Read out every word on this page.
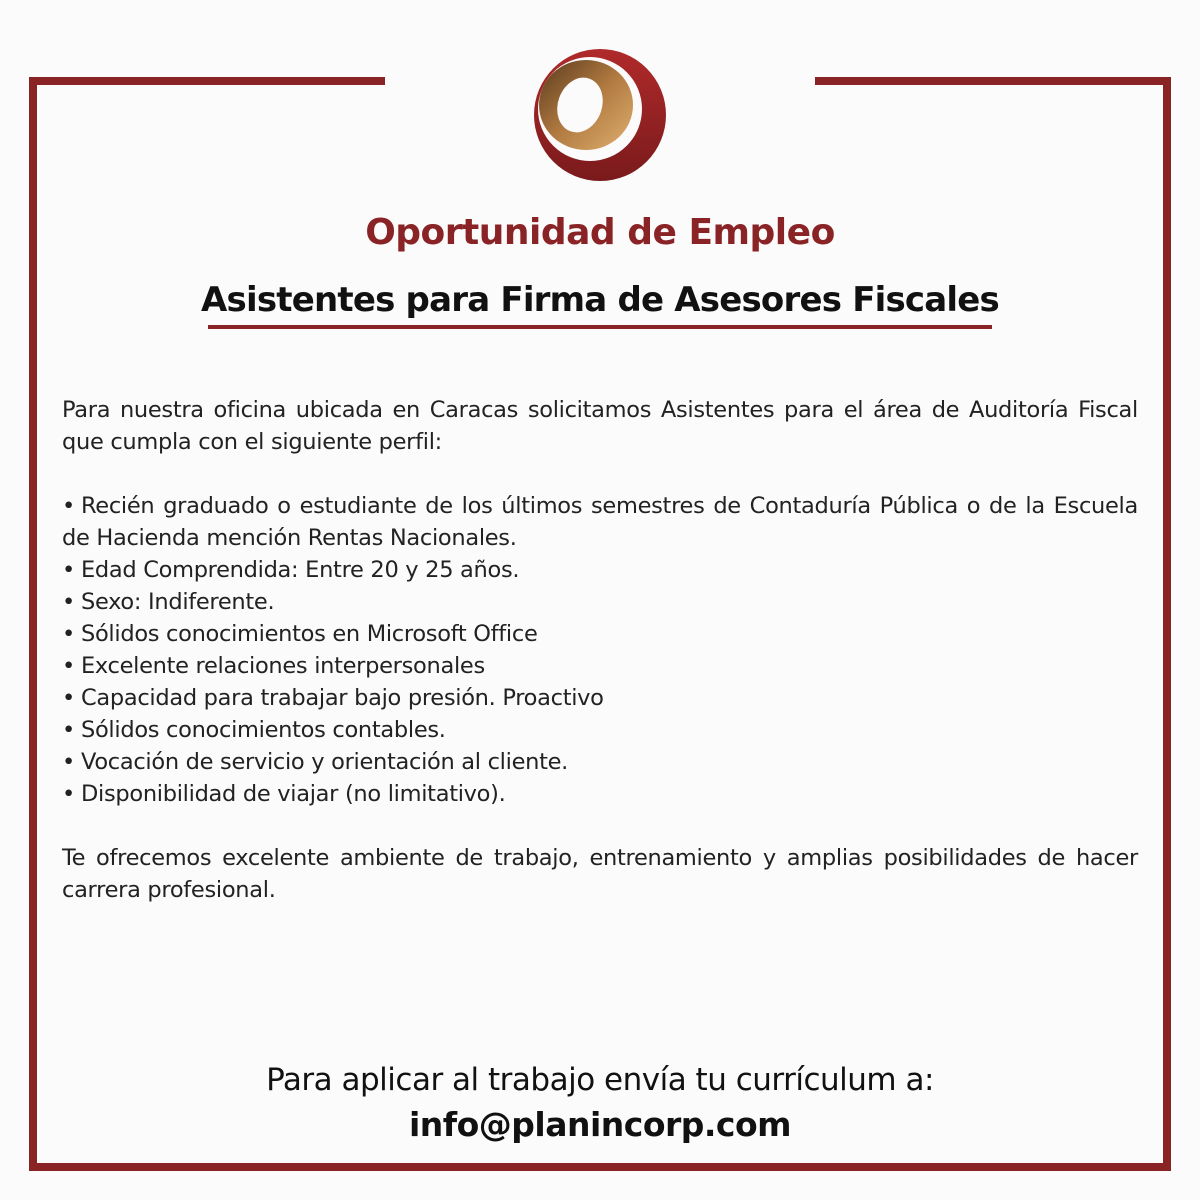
Oportunidad de Empleo
Asistentes para Firma de Asesores Fiscales

Para nuestra oficina ubicada en Caracas solicitamos Asistentes para el área de Auditoría Fiscal que cumpla con el siguiente perfil:

• Recién graduado o estudiante de los últimos semestres de Contaduría Pública o de la Escuela de Hacienda mención Rentas Nacionales.
• Edad Comprendida: Entre 20 y 25 años.
• Sexo: Indiferente.
• Sólidos conocimientos en Microsoft Office
• Excelente relaciones interpersonales
• Capacidad para trabajar bajo presión. Proactivo
• Sólidos conocimientos contables.
• Vocación de servicio y orientación al cliente.
• Disponibilidad de viajar (no limitativo).

Te ofrecemos excelente ambiente de trabajo, entrenamiento y amplias posibilidades de hacer carrera profesional.

Para aplicar al trabajo envía tu currículum a:
info@planincorp.com
